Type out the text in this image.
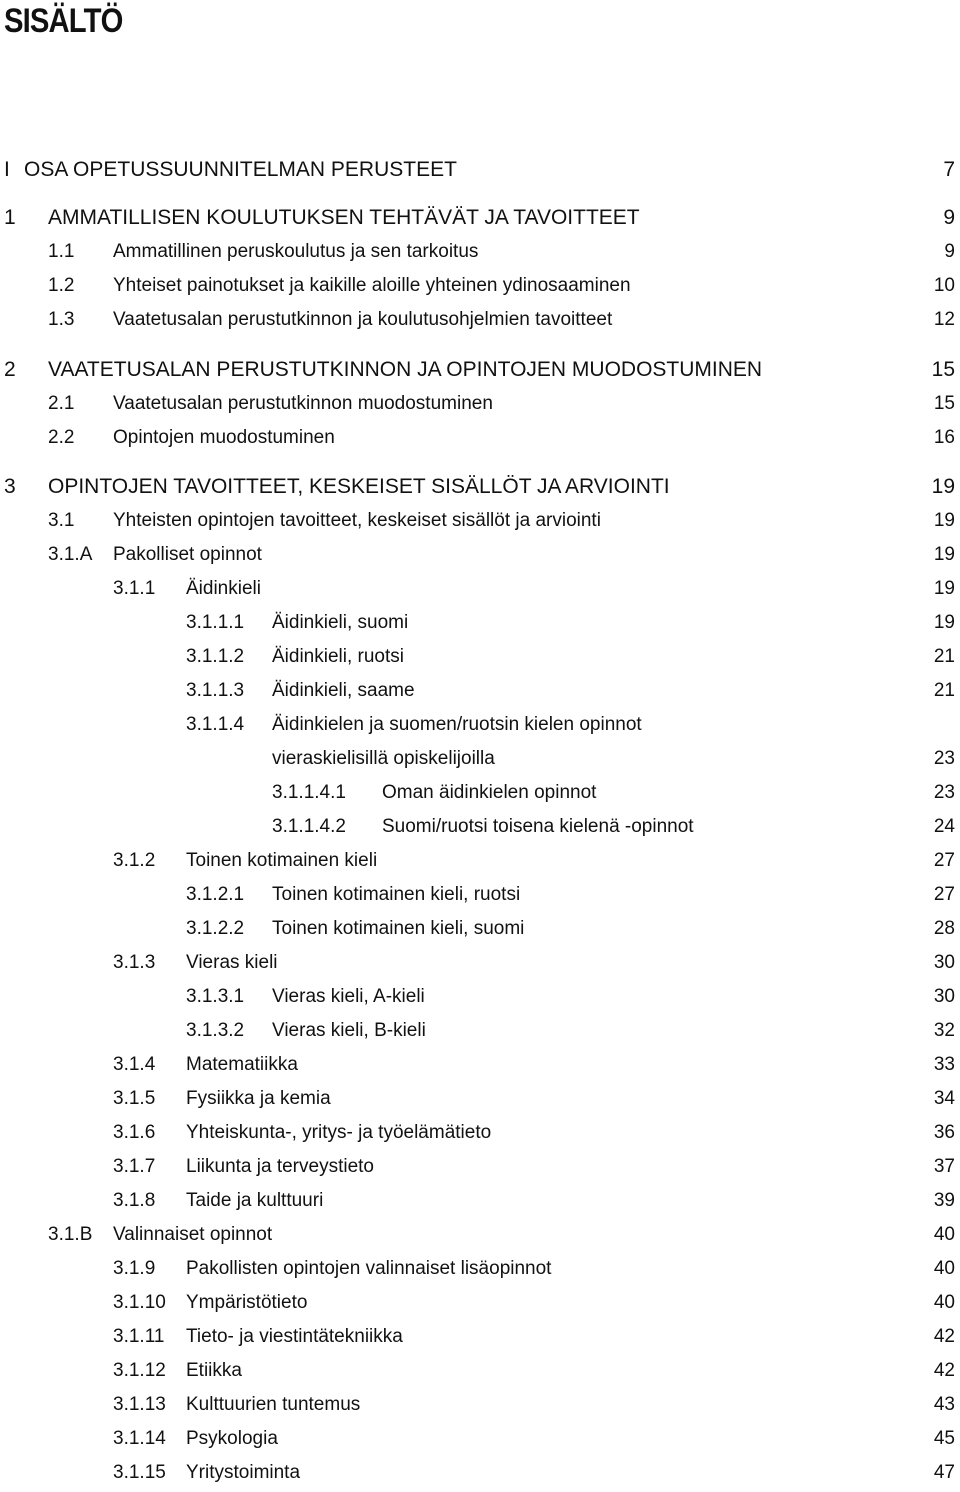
SISÄLTÖ
I OSA OPETUSSUUNNITELMAN PERUSTEET	7
1 AMMATILLISEN KOULUTUKSEN TEHTÄVÄT JA TAVOITTEET	9
1.1 Ammatillinen peruskoulutus ja sen tarkoitus	9
1.2 Yhteiset painotukset ja kaikille aloille yhteinen ydinosaaminen	10
1.3 Vaatetusalan perustutkinnon ja koulutusohjelmien tavoitteet	12
2 VAATETUSALAN PERUSTUTKINNON JA OPINTOJEN MUODOSTUMINEN	15
2.1 Vaatetusalan perustutkinnon muodostuminen	15
2.2 Opintojen muodostuminen	16
3 OPINTOJEN TAVOITTEET, KESKEISET SISÄLLÖT JA ARVIOINTI	19
3.1 Yhteisten opintojen tavoitteet, keskeiset sisällöt ja arviointi	19
3.1.A Pakolliset opinnot	19
3.1.1 Äidinkieli	19
3.1.1.1 Äidinkieli, suomi	19
3.1.1.2 Äidinkieli, ruotsi	21
3.1.1.3 Äidinkieli, saame	21
3.1.1.4 Äidinkielen ja suomen/ruotsin kielen opinnot
vieraskielisillä opiskelijoilla	23
3.1.1.4.1 Oman äidinkielen opinnot	23
3.1.1.4.2 Suomi/ruotsi toisena kielenä -opinnot	24
3.1.2 Toinen kotimainen kieli	27
3.1.2.1 Toinen kotimainen kieli, ruotsi	27
3.1.2.2 Toinen kotimainen kieli, suomi	28
3.1.3 Vieras kieli	30
3.1.3.1 Vieras kieli, A-kieli	30
3.1.3.2 Vieras kieli, B-kieli	32
3.1.4 Matematiikka	33
3.1.5 Fysiikka ja kemia	34
3.1.6 Yhteiskunta-, yritys- ja työelämätieto	36
3.1.7 Liikunta ja terveystieto	37
3.1.8 Taide ja kulttuuri	39
3.1.B Valinnaiset opinnot	40
3.1.9 Pakollisten opintojen valinnaiset lisäopinnot	40
3.1.10 Ympäristötieto	40
3.1.11 Tieto- ja viestintätekniikka	42
3.1.12 Etiikka	42
3.1.13 Kulttuurien tuntemus	43
3.1.14 Psykologia	45
3.1.15 Yritystoiminta	47
